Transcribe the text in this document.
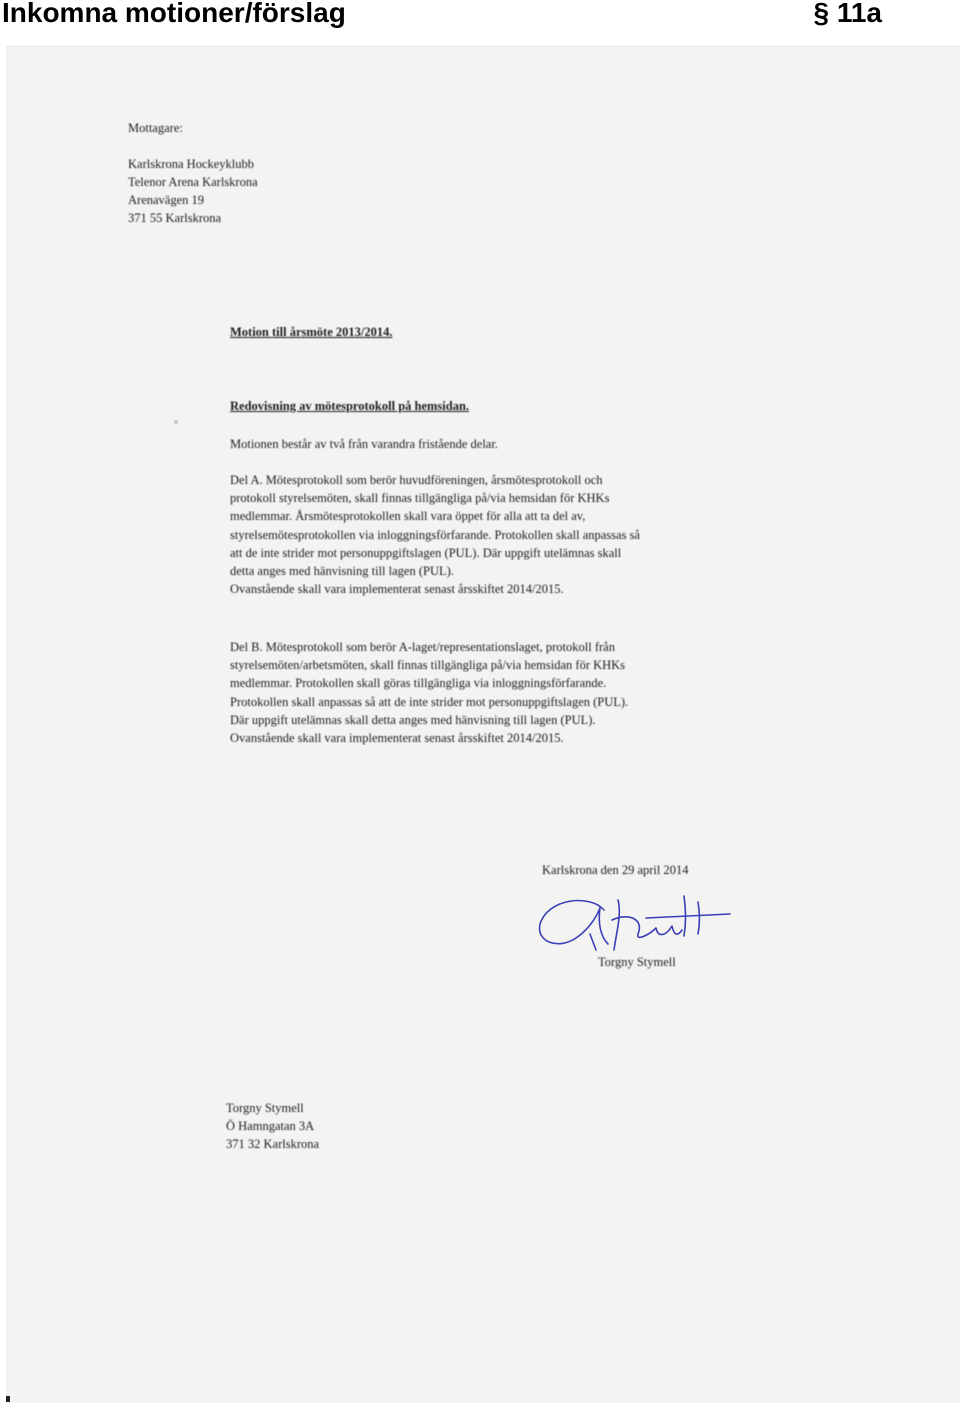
Inkomna motioner/förslag	§ 11a
Mottagare:
Karlskrona Hockeyklubb
Telenor Arena Karlskrona
Arenavägen 19
371 55 Karlskrona
Motion till årsmöte 2013/2014.
Redovisning av mötesprotokoll på hemsidan.
Motionen består av två från varandra fristående delar.
Del A. Mötesprotokoll som berör huvudföreningen, årsmötesprotokoll och
protokoll styrelsemöten, skall finnas tillgängliga på/via hemsidan för KHKs
medlemmar. Årsmötesprotokollen skall vara öppet för alla att ta del av,
styrelsemötesprotokollen via inloggningsförfarande. Protokollen skall anpassas så
att de inte strider mot personuppgiftslagen (PUL). Där uppgift utelämnas skall
detta anges med hänvisning till lagen (PUL).
Ovanstående skall vara implementerat senast årsskiftet 2014/2015.
Del B. Mötesprotokoll som berör A-laget/representationslaget, protokoll från
styrelsemöten/arbetsmöten, skall finnas tillgängliga på/via hemsidan för KHKs
medlemmar. Protokollen skall göras tillgängliga via inloggningsförfarande.
Protokollen skall anpassas så att de inte strider mot personuppgiftslagen (PUL).
Där uppgift utelämnas skall detta anges med hänvisning till lagen (PUL).
Ovanstående skall vara implementerat senast årsskiftet 2014/2015.
Karlskrona den 29 april 2014
Torgny Stymell
Torgny Stymell
Ö Hamngatan 3A
371 32 Karlskrona
